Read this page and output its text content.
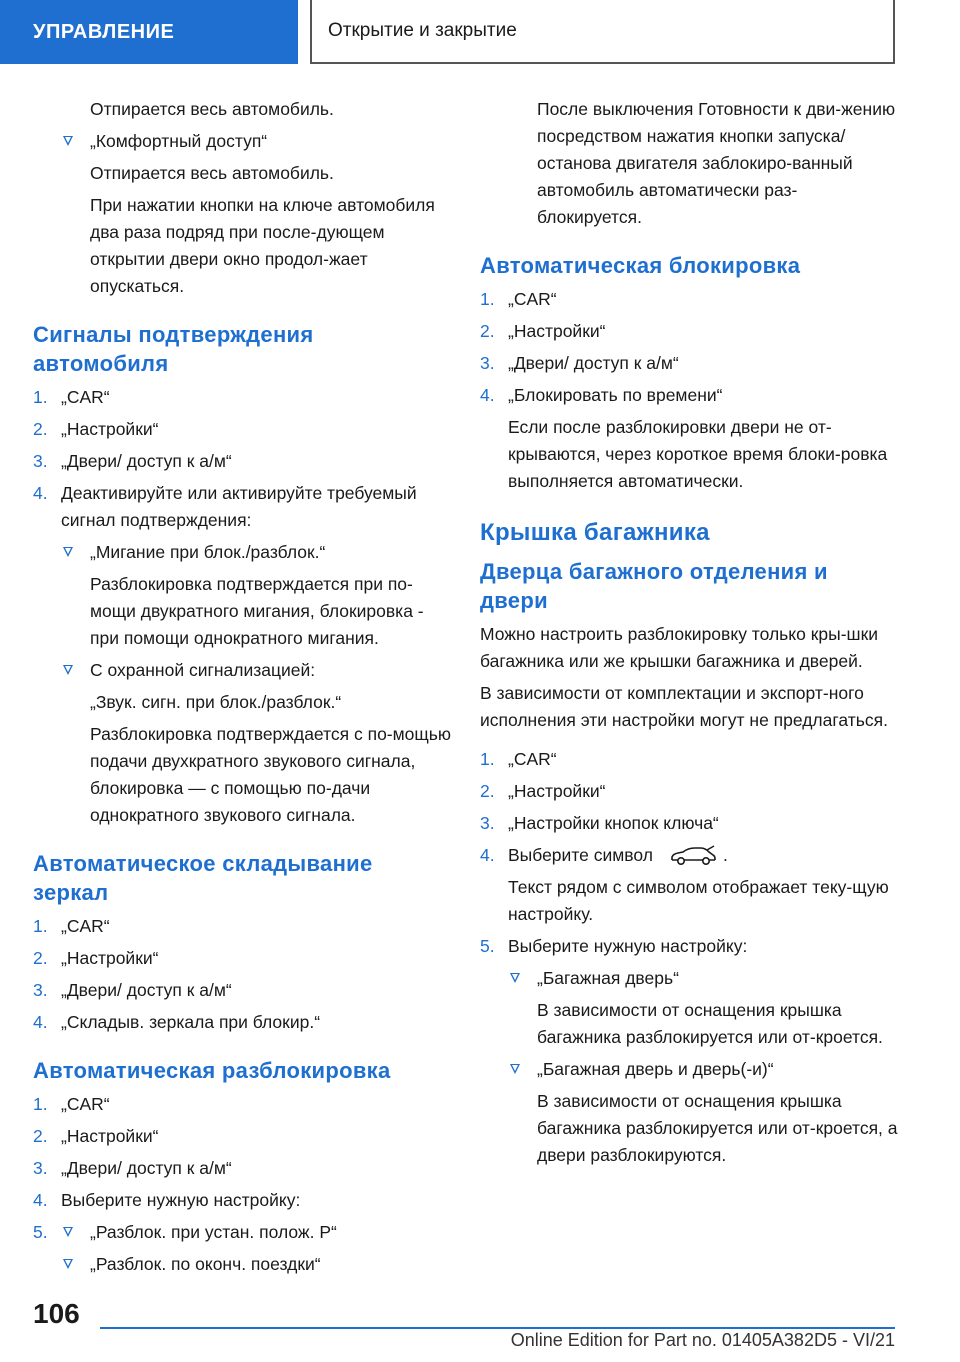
УПРАВЛЕНИЕ	Открытие и закрытие

Отпирается весь автомобиль.

„Комфортный доступ“

Отпирается весь автомобиль.

При нажатии кнопки на ключе автомобиля два раза подряд при после-дующем открытии двери окно продол-жает опускаться.

Сигналы подтверждения автомобиля
1. „CAR“
2. „Настройки“
3. „Двери/ доступ к а/м“
4. Деактивируйте или активируйте требуемый сигнал подтверждения:
„Мигание при блок./разблок.“

Разблокировка подтверждается при по-мощи двукратного мигания, блокировка - при помощи однократного мигания.

С охранной сигнализацией:

„Звук. сигн. при блок./разблок.“

Разблокировка подтверждается с по-мощью подачи двухкратного звукового сигнала, блокировка — с помощью по-дачи однократного звукового сигнала.

Автоматическое складывание зеркал
1. „CAR“
2. „Настройки“
3. „Двери/ доступ к а/м“
4. „Складыв. зеркала при блокир.“
Автоматическая разблокировка
1. „CAR“
2. „Настройки“
3. „Двери/ доступ к а/м“
4. Выберите нужную настройку:
5.	„Разблок. при устан. полож. P“
„Разблок. по оконч. поездки“

После выключения Готовности к дви-жению посредством нажатия кнопки запуска/останова двигателя заблокиро-ванный автомобиль автоматически раз-блокируется.

Автоматическая блокировка
1. „CAR“
2. „Настройки“
3. „Двери/ доступ к а/м“
4. „Блокировать по времени“

Если после разблокировки двери не от-крываются, через короткое время блоки-ровка выполняется автоматически.

Крышка багажника
Дверца багажного отделения и двери

Можно настроить разблокировку только кры-шки багажника или же крышки багажника и дверей.

В зависимости от комплектации и экспорт-ного исполнения эти настройки могут не предлагаться.

1. „CAR“
2. „Настройки“
3. „Настройки кнопок ключа“
4. Выберите символ	.

Текст рядом с символом отображает теку-щую настройку.

5. Выберите нужную настройку:
„Багажная дверь“

В зависимости от оснащения крышка багажника разблокируется или от-кроется.

„Багажная дверь и дверь(-и)“

В зависимости от оснащения крышка багажника разблокируется или от-кроется, а двери разблокируются.

106
Online Edition for Part no. 01405A382D5 - VI/21
